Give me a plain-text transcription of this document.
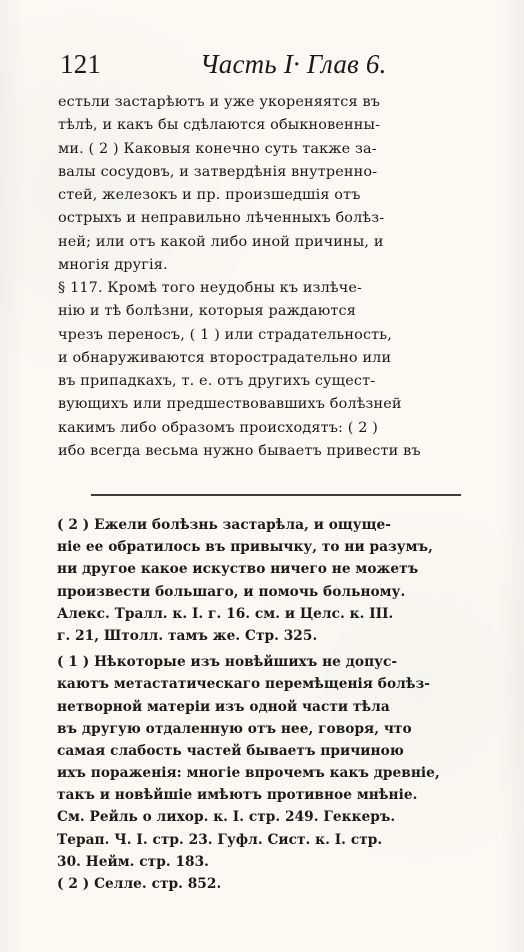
121	Часть I· Глав 6.
естьли застарѣютъ и уже укореняятся въ
тѣлѣ, и какъ бы сдѣлаются обыкновенны-
ми. ( 2 ) Каковыя конечно суть также за-
валы сосудовъ, и затвердѣнія внутренно-
стей, железокъ и пр. произшедшія отъ
острыхъ и неправильно лѣченныхъ болѣз-
ней; или отъ какой либо иной причины, и
многія другія.
§ 117. Кромѣ того неудобны къ излѣче-
нію и тѣ болѣзни, которыя раждаются
чрезъ переносъ, ( 1 ) или страдательность,
и обнаруживаются вторострадательно или
въ припадкахъ, т. е. отъ другихъ сущест-
вующихъ или предшествовавшихъ болѣзней
какимъ либо образомъ происходятъ: ( 2 )
ибо всегда весьма нужно бываетъ привести въ
( 2 ) Ежели болѣзнь застарѣла, и ощуще-
ніе ее обратилось въ привычку, то ни разумъ,
ни другое какое искуство ничего не можетъ
произвести большаго, и помочь больному.
Алекс. Тралл. к. I. г. 16. см. и Целс. к. III.
г. 21, Штолл. тамъ же. Стр. 325.
( 1 ) Нѣкоторые изъ новѣйшихъ не допус-
каютъ метастатическаго перемѣщенія болѣз-
нетворной матеріи изъ одной части тѣла
въ другую отдаленную отъ нее, говоря, что
самая слабость частей бываетъ причиною
ихъ пораженія: многіе впрочемъ какъ древніе,
такъ и новѣйшіе имѣютъ противное мнѣніе.
См. Рейль о лихор. к. I. стр. 249. Геккеръ.
Терап. Ч. I. стр. 23. Гуфл. Сист. к. I. стр.
30. Нейм. стр. 183.
( 2 ) Селле. стр. 852.
